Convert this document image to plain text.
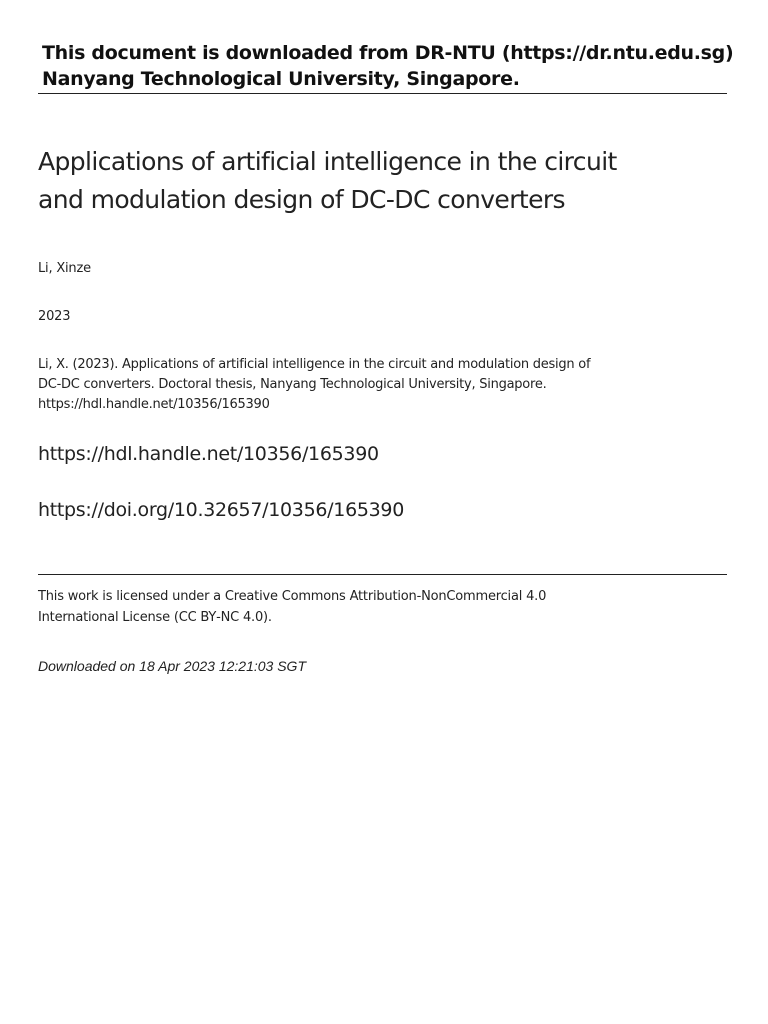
This document is downloaded from DR‑NTU (https://dr.ntu.edu.sg)
Nanyang Technological University, Singapore.
Applications of artificial intelligence in the circuit
and modulation design of DC‑DC converters
Li, Xinze
2023
Li, X. (2023). Applications of artificial intelligence in the circuit and modulation design of
DC‑DC converters. Doctoral thesis, Nanyang Technological University, Singapore.
https://hdl.handle.net/10356/165390
https://hdl.handle.net/10356/165390
https://doi.org/10.32657/10356/165390
This work is licensed under a Creative Commons Attribution‑NonCommercial 4.0
International License (CC BY‑NC 4.0).
Downloaded on 18 Apr 2023 12:21:03 SGT
